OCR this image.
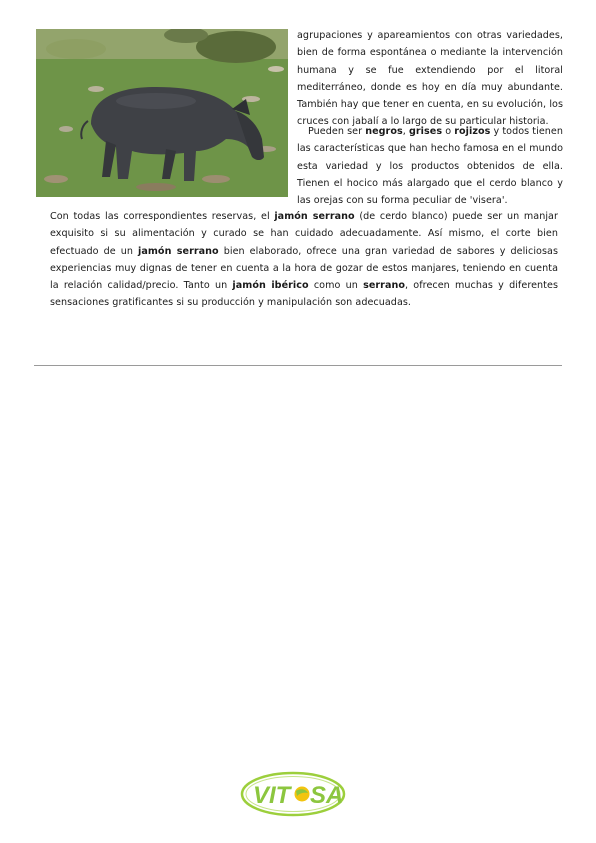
agrupaciones y apareamientos con otras variedades, bien de forma espontánea o mediante la intervención humana y se fue extendiendo por el litoral mediterráneo, donde es hoy en día muy abundante. También hay que tener en cuenta, en su evolución, los cruces con jabalí a lo largo de su particular historia.

Pueden ser negros, grises o rojizos y todos tienen las características que han hecho famosa en el mundo esta variedad y los productos obtenidos de ella. Tienen el hocico más alargado que el cerdo blanco y las orejas con su forma peculiar de 'visera'.

Con todas las correspondientes reservas, el jamón serrano (de cerdo blanco) puede ser un manjar exquisito si su alimentación y curado se han cuidado adecuadamente. Así mismo, el corte bien efectuado de un jamón serrano bien elaborado, ofrece una gran variedad de sabores y deliciosas experiencias muy dignas de tener en cuenta a la hora de gozar de estos manjares, teniendo en cuenta la relación calidad/precio. Tanto un jamón ibérico como un serrano, ofrecen muchas y diferentes sensaciones gratificantes si su producción y manipulación son adecuadas.

VIT SA
